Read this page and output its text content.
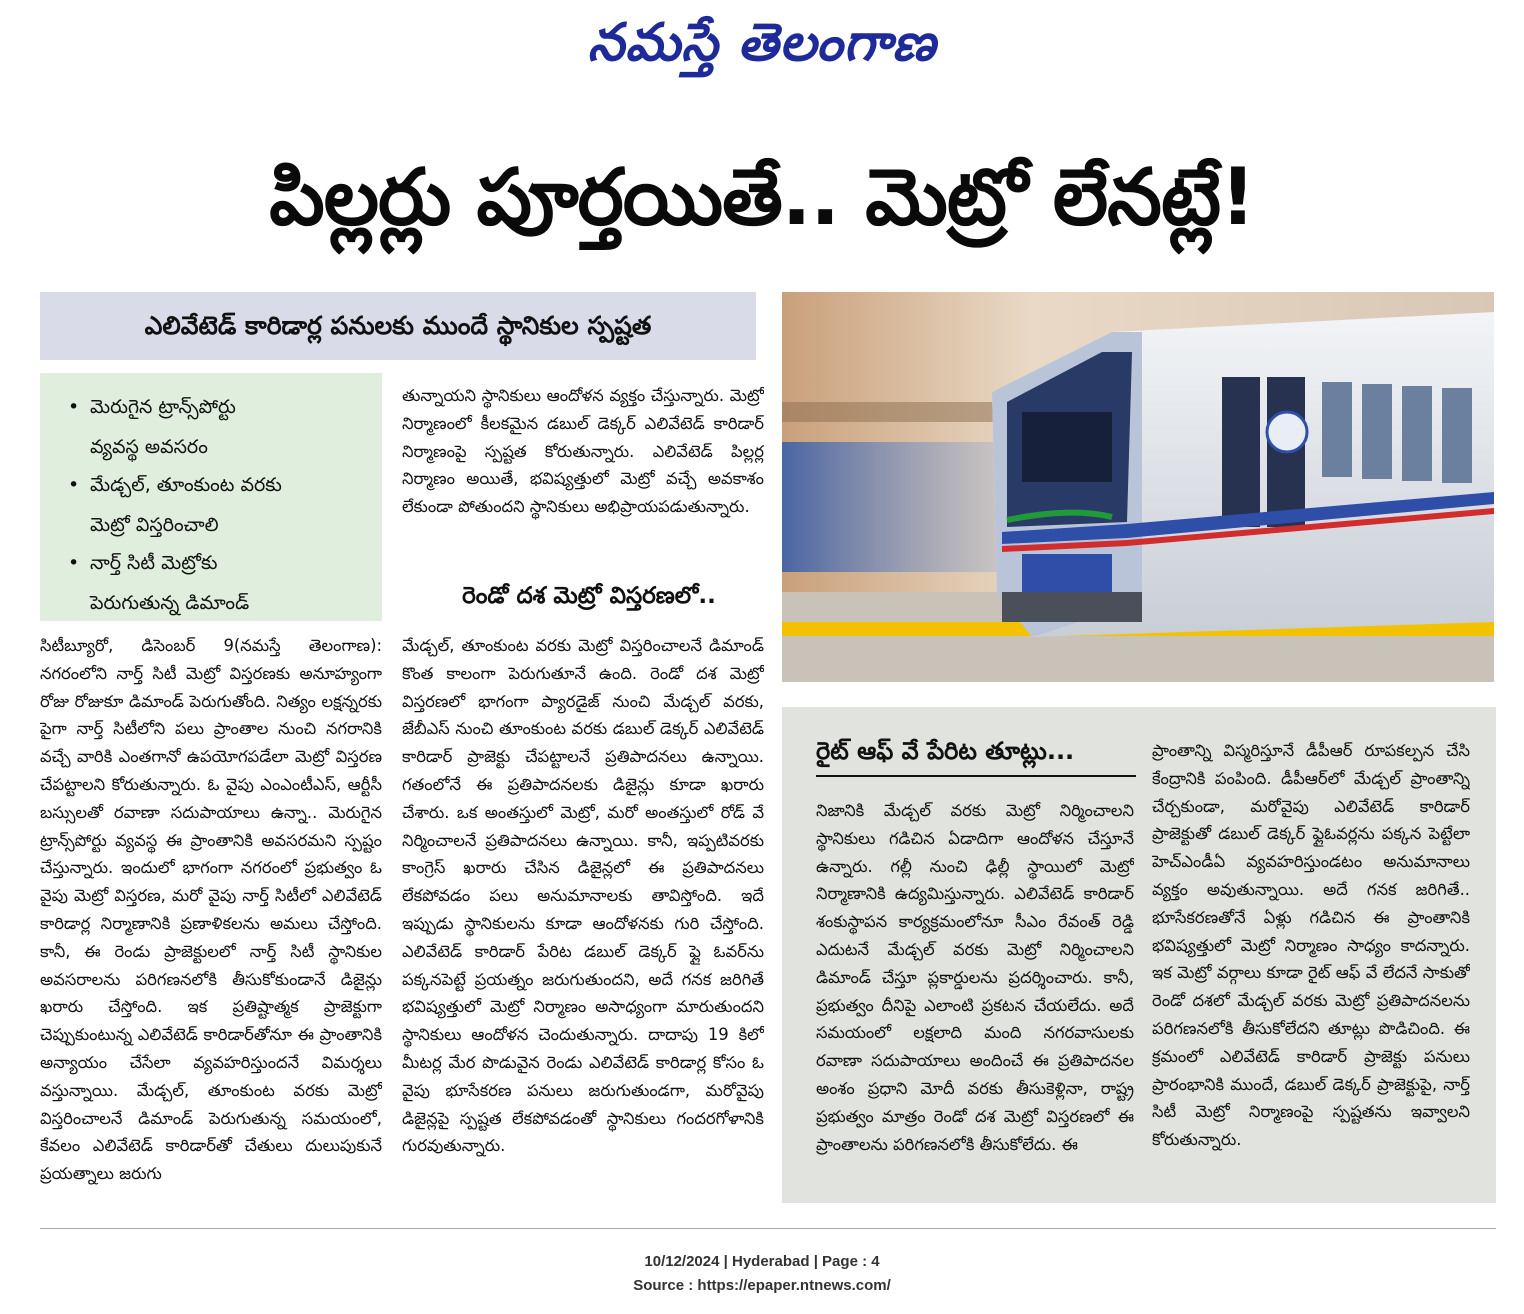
నమస్తే తెలంగాణ
పిల్లర్లు పూర్తయితే.. మెట్రో లేనట్లే!
ఎలివేటెడ్ కారిడార్ల పనులకు ముందే స్థానికుల స్పష్టత
• మెరుగైన ట్రాన్స్‌పోర్టు
వ్యవస్థ అవసరం
• మేడ్చల్, తూంకుంట వరకు
మెట్రో విస్తరించాలి
• నార్త్ సిటీ మెట్రోకు
పెరుగుతున్న డిమాండ్

సిటీబ్యూరో, డిసెంబర్ 9(నమస్తే తెలంగాణ): నగరంలోని నార్త్ సిటీ మెట్రో విస్తరణకు అనూహ్యంగా రోజు రోజుకూ డిమాండ్ పెరుగుతోంది. నిత్యం లక్షన్నరకు పైగా నార్త్ సిటీలోని పలు ప్రాంతాల నుంచి నగరానికి వచ్చే వారికి ఎంతగానో ఉపయోగపడేలా మెట్రో విస్తరణ చేపట్టాలని కోరుతున్నారు. ఓ వైపు ఎంఎంటీఎస్, ఆర్టీసీ బస్సులతో రవాణా సదుపాయాలు ఉన్నా.. మెరుగైన ట్రాన్స్‌పోర్టు వ్యవస్థ ఈ ప్రాంతానికి అవసరమని స్పష్టం చేస్తున్నారు. ఇందులో భాగంగా నగరంలో ప్రభుత్వం ఓ వైపు మెట్రో విస్తరణ, మరో వైపు నార్త్ సిటీలో ఎలివేటెడ్ కారిడార్ల నిర్మాణానికి ప్రణాళికలను అమలు చేస్తోంది. కానీ, ఈ రెండు ప్రాజెక్టులలో నార్త్ సిటీ స్థానికుల అవసరాలను పరిగణనలోకి తీసుకోకుండానే డిజైన్లు ఖరారు చేస్తోంది. ఇక ప్రతిష్టాత్మక ప్రాజెక్టుగా చెప్పుకుంటున్న ఎలివేటెడ్ కారిడార్‌తోనూ ఈ ప్రాంతానికి అన్యాయం చేసేలా వ్యవహరిస్తుందనే విమర్శలు వస్తున్నాయి. మేడ్చల్, తూంకుంట వరకు మెట్రో విస్తరించాలనే డిమాండ్ పెరుగుతున్న సమయంలో, కేవలం ఎలివేటెడ్ కారిడార్‌తో చేతులు దులుపుకునే ప్రయత్నాలు జరుగు

తున్నాయని స్థానికులు ఆందోళన వ్యక్తం చేస్తున్నారు. మెట్రో నిర్మాణంలో కీలకమైన డబుల్ డెక్కర్ ఎలివేటెడ్ కారిడార్ నిర్మాణంపై స్పష్టత కోరుతున్నారు. ఎలివేటెడ్ పిల్లర్ల నిర్మాణం అయితే, భవిష్యత్తులో మెట్రో వచ్చే అవకాశం లేకుండా పోతుందని స్థానికులు అభిప్రాయపడుతున్నారు.

రెండో దశ మెట్రో విస్తరణలో..

మేడ్చల్, తూంకుంట వరకు మెట్రో విస్తరించాలనే డిమాండ్ కొంత కాలంగా పెరుగుతూనే ఉంది. రెండో దశ మెట్రో విస్తరణలో భాగంగా ప్యారడైజ్ నుంచి మేడ్చల్ వరకు, జేబీఎస్ నుంచి తూంకుంట వరకు డబుల్ డెక్కర్ ఎలివేటెడ్ కారిడార్ ప్రాజెక్టు చేపట్టాలనే ప్రతిపాదనలు ఉన్నాయి. గతంలోనే ఈ ప్రతిపాదనలకు డిజైన్లు కూడా ఖరారు చేశారు. ఒక అంతస్తులో మెట్రో, మరో అంతస్తులో రోడ్ వే నిర్మించాలనే ప్రతిపాదనలు ఉన్నాయి. కానీ, ఇప్పటివరకు కాంగ్రెస్ ఖరారు చేసిన డిజైన్లలో ఈ ప్రతిపాదనలు లేకపోవడం పలు అనుమానాలకు తావిస్తోంది. ఇదే ఇప్పుడు స్థానికులను కూడా ఆందోళనకు గురి చేస్తోంది. ఎలివేటెడ్ కారిడార్ పేరిట డబుల్ డెక్కర్ ఫ్లై ఓవర్‌ను పక్కనపెట్టే ప్రయత్నం జరుగుతుందని, అదే గనక జరిగితే భవిష్యత్తులో మెట్రో నిర్మాణం అసాధ్యంగా మారుతుందని స్థానికులు ఆందోళన చెందుతున్నారు. దాదాపు 19 కిలో మీటర్ల మేర పొడువైన రెండు ఎలివేటెడ్ కారిడార్ల కోసం ఓ వైపు భూసేకరణ పనులు జరుగుతుండగా, మరోవైపు డిజైన్లపై స్పష్టత లేకపోవడంతో స్థానికులు గందరగోళానికి గురవుతున్నారు.

రైట్ ఆఫ్ వే పేరిట తూట్లు...

నిజానికి మేడ్చల్ వరకు మెట్రో నిర్మించాలని స్థానికులు గడిచిన ఏడాదిగా ఆందోళన చేస్తూనే ఉన్నారు. గల్లీ నుంచి ఢిల్లీ స్థాయిలో మెట్రో నిర్మాణానికి ఉద్యమిస్తున్నారు. ఎలివేటెడ్ కారిడార్ శంకుస్థాపన కార్యక్రమంలోనూ సీఎం రేవంత్ రెడ్డి ఎదుటనే మేడ్చల్ వరకు మెట్రో నిర్మించాలని డిమాండ్ చేస్తూ ప్లకార్డులను ప్రదర్శించారు. కానీ, ప్రభుత్వం దీనిపై ఎలాంటి ప్రకటన చేయలేదు. అదే సమయంలో లక్షలాది మంది నగరవాసులకు రవాణా సదుపాయాలు అందించే ఈ ప్రతిపాదనల అంశం ప్రధాని మోదీ వరకు తీసుకెళ్లినా, రాష్ట్ర ప్రభుత్వం మాత్రం రెండో దశ మెట్రో విస్తరణలో ఈ ప్రాంతాలను పరిగణనలోకి తీసుకోలేదు. ఈ

ప్రాంతాన్ని విస్మరిస్తూనే డీపీఆర్ రూపకల్పన చేసి కేంద్రానికి పంపింది. డీపీఆర్‌లో మేడ్చల్ ప్రాంతాన్ని చేర్చకుండా, మరోవైపు ఎలివేటెడ్ కారిడార్ ప్రాజెక్టుతో డబుల్ డెక్కర్ ఫ్లైఓవర్లను పక్కన పెట్టేలా హెచ్ఎండీఏ వ్యవహరిస్తుండటం అనుమానాలు వ్యక్తం అవుతున్నాయి. అదే గనక జరిగితే.. భూసేకరణతోనే ఏళ్లు గడిచిన ఈ ప్రాంతానికి భవిష్యత్తులో మెట్రో నిర్మాణం సాధ్యం కాదన్నారు. ఇక మెట్రో వర్గాలు కూడా రైట్ ఆఫ్ వే లేదనే సాకుతో రెండో దశలో మేడ్చల్ వరకు మెట్రో ప్రతిపాదనలను పరిగణనలోకి తీసుకోలేదని తూట్లు పొడిచింది. ఈ క్రమంలో ఎలివేటెడ్ కారిడార్ ప్రాజెక్టు పనులు ప్రారంభానికి ముందే, డబుల్ డెక్కర్ ప్రాజెక్టుపై, నార్త్ సిటీ మెట్రో నిర్మాణంపై స్పష్టతను ఇవ్వాలని కోరుతున్నారు.

10/12/2024 | Hyderabad | Page : 4
Source : https://epaper.ntnews.com/
